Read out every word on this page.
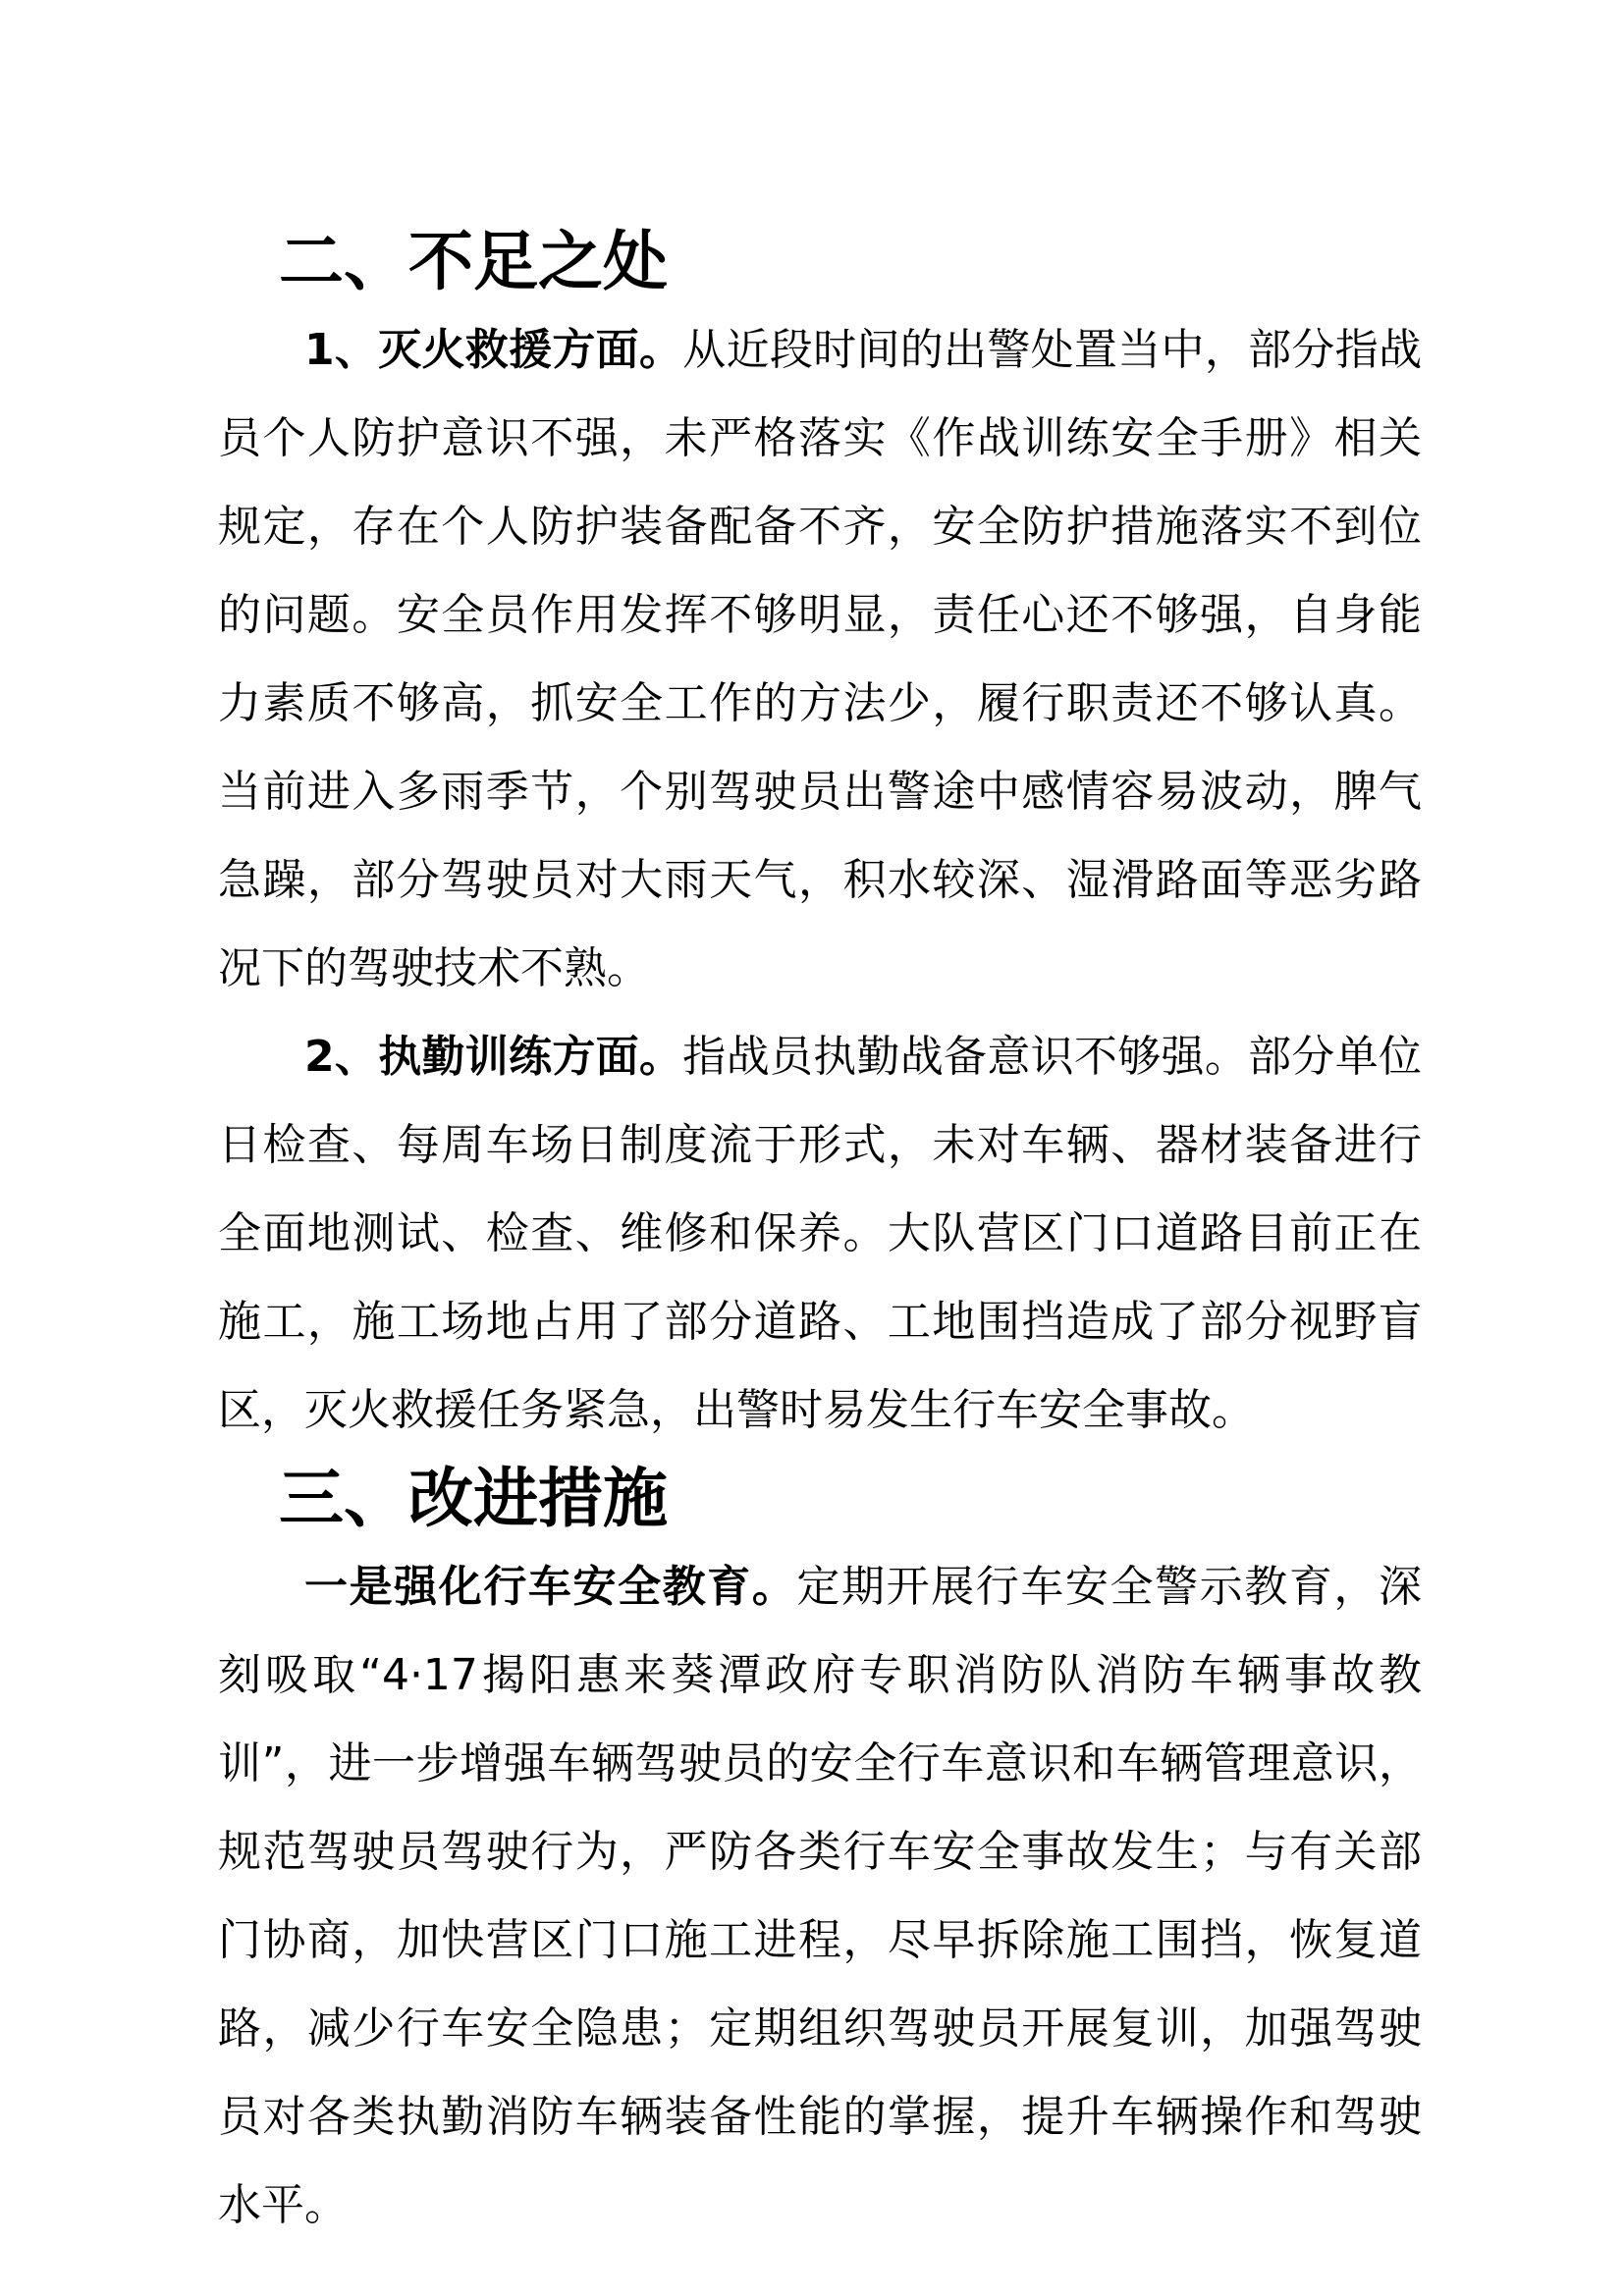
二、不足之处

1、灭火救援方面。从近段时间的出警处置当中，部分指战员个人防护意识不强，未严格落实《作战训练安全手册》相关规定，存在个人防护装备配备不齐，安全防护措施落实不到位的问题。安全员作用发挥不够明显，责任心还不够强，自身能力素质不够高，抓安全工作的方法少，履行职责还不够认真。当前进入多雨季节，个别驾驶员出警途中感情容易波动，脾气急躁，部分驾驶员对大雨天气，积水较深、湿滑路面等恶劣路况下的驾驶技术不熟。

2、执勤训练方面。指战员执勤战备意识不够强。部分单位日检查、每周车场日制度流于形式，未对车辆、器材装备进行全面地测试、检查、维修和保养。大队营区门口道路目前正在施工，施工场地占用了部分道路、工地围挡造成了部分视野盲区，灭火救援任务紧急，出警时易发生行车安全事故。

三、改进措施

一是强化行车安全教育。定期开展行车安全警示教育，深刻吸取“4·17揭阳惠来葵潭政府专职消防队消防车辆事故教训”，进一步增强车辆驾驶员的安全行车意识和车辆管理意识，规范驾驶员驾驶行为，严防各类行车安全事故发生；与有关部门协商，加快营区门口施工进程，尽早拆除施工围挡，恢复道路，减少行车安全隐患；定期组织驾驶员开展复训，加强驾驶员对各类执勤消防车辆装备性能的掌握，提升车辆操作和驾驶水平。
